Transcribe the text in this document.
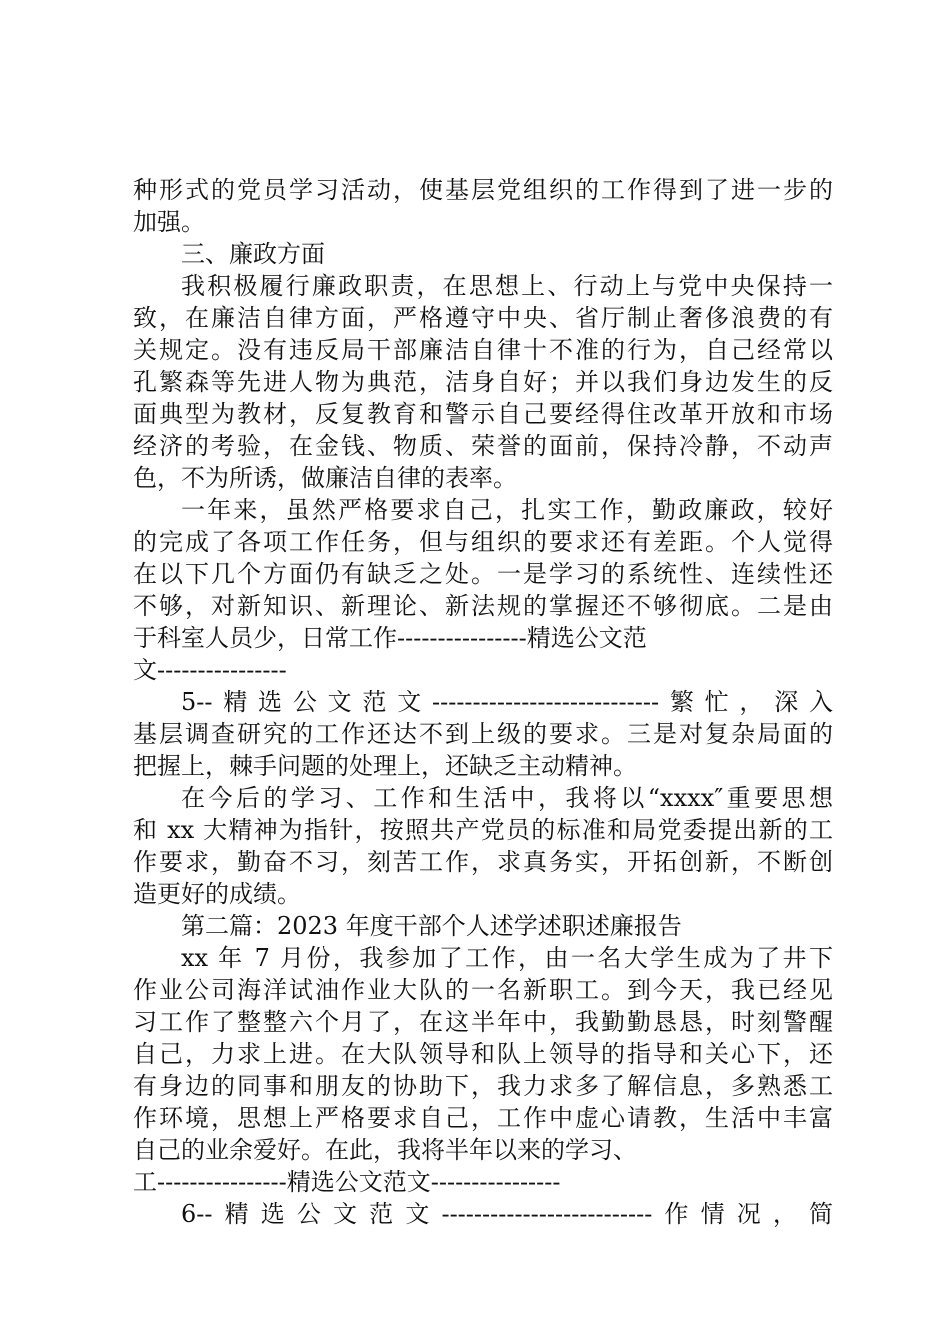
种形式的党员学习活动，使基层党组织的工作得到了进一步的
加强。
三、廉政方面
我积极履行廉政职责，在思想上、行动上与党中央保持一
致，在廉洁自律方面，严格遵守中央、省厅制止奢侈浪费的有
关规定。没有违反局干部廉洁自律十不准的行为，自己经常以
孔繁森等先进人物为典范，洁身自好；并以我们身边发生的反
面典型为教材，反复教育和警示自己要经得住改革开放和市场
经济的考验，在金钱、物质、荣誉的面前，保持冷静，不动声
色，不为所诱，做廉洁自律的表率。
一年来，虽然严格要求自己，扎实工作，勤政廉政，较好
的完成了各项工作任务，但与组织的要求还有差距。个人觉得
在以下几个方面仍有缺乏之处。一是学习的系统性、连续性还
不够，对新知识、新理论、新法规的掌握还不够彻底。二是由
于科室人员少，日常工作----------------精选公文范
文----------------
5--精选公文范文----------------------------繁忙，深入
基层调查研究的工作还达不到上级的要求。三是对复杂局面的
把握上，棘手问题的处理上，还缺乏主动精神。
在今后的学习、工作和生活中，我将以“xxxx″重要思想
和 xx 大精神为指针，按照共产党员的标准和局党委提出新的工
作要求，勤奋不习，刻苦工作，求真务实，开拓创新，不断创
造更好的成绩。
第二篇：2023 年度干部个人述学述职述廉报告
xx 年 7 月份，我参加了工作，由一名大学生成为了井下
作业公司海洋试油作业大队的一名新职工。到今天，我已经见
习工作了整整六个月了，在这半年中，我勤勤恳恳，时刻警醒
自己，力求上进。在大队领导和队上领导的指导和关心下，还
有身边的同事和朋友的协助下，我力求多了解信息，多熟悉工
作环境，思想上严格要求自己，工作中虚心请教，生活中丰富
自己的业余爱好。在此，我将半年以来的学习、
工----------------精选公文范文----------------
6--精选公文范文--------------------------作情况，简
